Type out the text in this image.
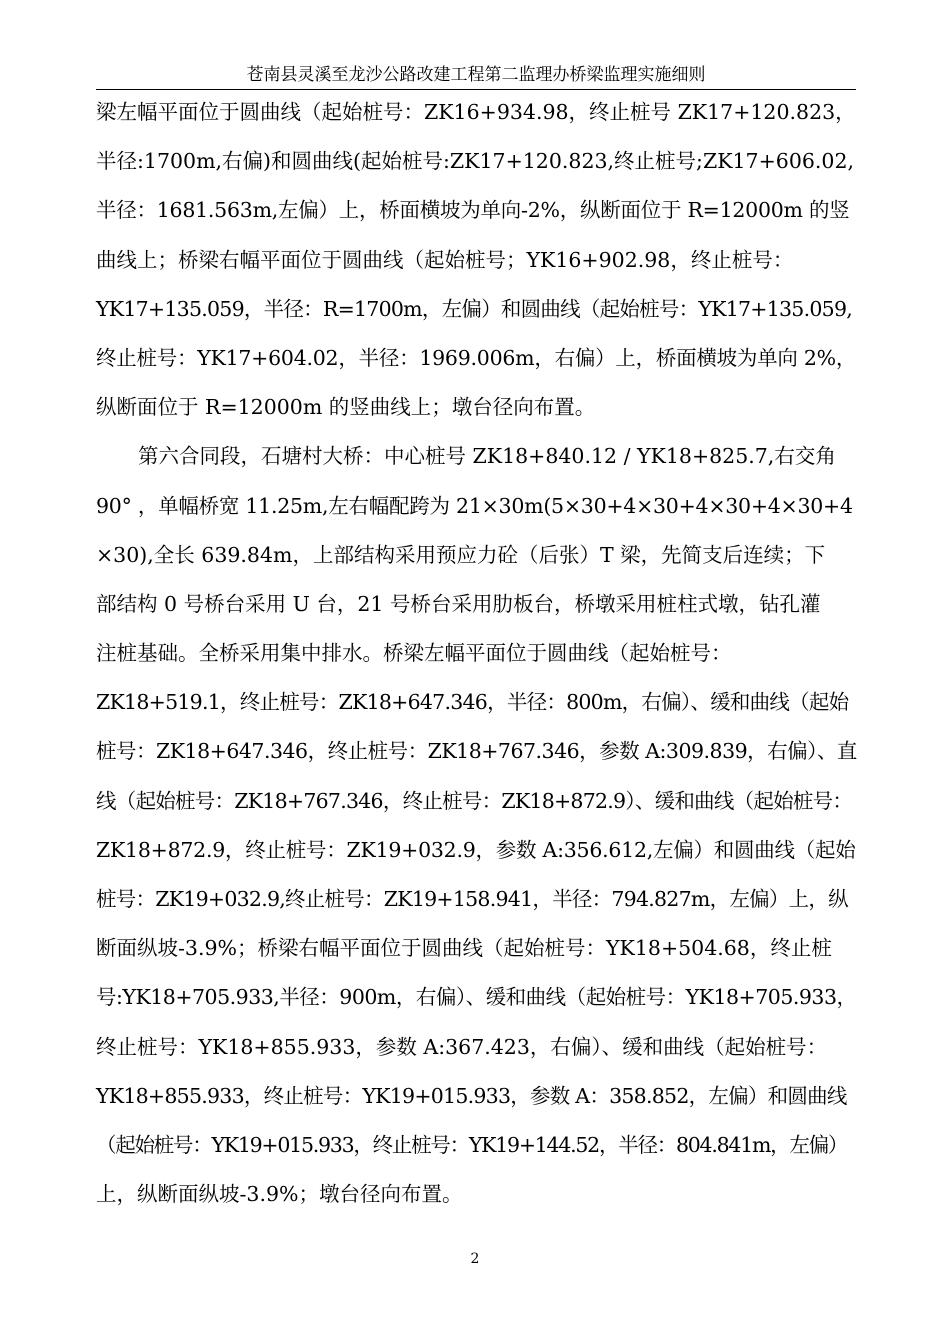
苍南县灵溪至龙沙公路改建工程第二监理办桥梁监理实施细则
梁左幅平面位于圆曲线（起始桩号：ZK16+934.98，终止桩号 ZK17+120.823，
半径:1700m,右偏)和圆曲线(起始桩号:ZK17+120.823,终止桩号;ZK17+606.02,
半径：1681.563m,左偏）上，桥面横坡为单向-2%，纵断面位于 R=12000m 的竖
曲线上；桥梁右幅平面位于圆曲线（起始桩号；YK16+902.98，终止桩号：
YK17+135.059，半径：R=1700m，左偏）和圆曲线（起始桩号：YK17+135.059,
终止桩号：YK17+604.02，半径：1969.006m，右偏）上，桥面横坡为单向 2%，
纵断面位于 R=12000m 的竖曲线上；墩台径向布置。
第六合同段，石塘村大桥：中心桩号 ZK18+840.12 / YK18+825.7,右交角
90° ，单幅桥宽 11.25m,左右幅配跨为 21×30m(5×30+4×30+4×30+4×30+4
×30),全长 639.84m，上部结构采用预应力砼（后张）T 梁，先简支后连续；下
部结构 0 号桥台采用 U 台，21 号桥台采用肋板台，桥墩采用桩柱式墩，钻孔灌
注桩基础。全桥采用集中排水。桥梁左幅平面位于圆曲线（起始桩号：
ZK18+519.1，终止桩号：ZK18+647.346，半径：800m，右偏）、缓和曲线（起始
桩号：ZK18+647.346，终止桩号：ZK18+767.346，参数 A:309.839，右偏）、直
线（起始桩号：ZK18+767.346，终止桩号：ZK18+872.9）、缓和曲线（起始桩号：
ZK18+872.9，终止桩号：ZK19+032.9，参数 A:356.612,左偏）和圆曲线（起始
桩号：ZK19+032.9,终止桩号：ZK19+158.941，半径：794.827m，左偏）上，纵
断面纵坡-3.9%；桥梁右幅平面位于圆曲线（起始桩号：YK18+504.68，终止桩
号:YK18+705.933,半径：900m，右偏）、缓和曲线（起始桩号：YK18+705.933，
终止桩号：YK18+855.933，参数 A:367.423，右偏）、缓和曲线（起始桩号：
YK18+855.933，终止桩号：YK19+015.933，参数 A：358.852，左偏）和圆曲线
（起始桩号：YK19+015.933，终止桩号：YK19+144.52，半径：804.841m，左偏）
上，纵断面纵坡-3.9%；墩台径向布置。
2
